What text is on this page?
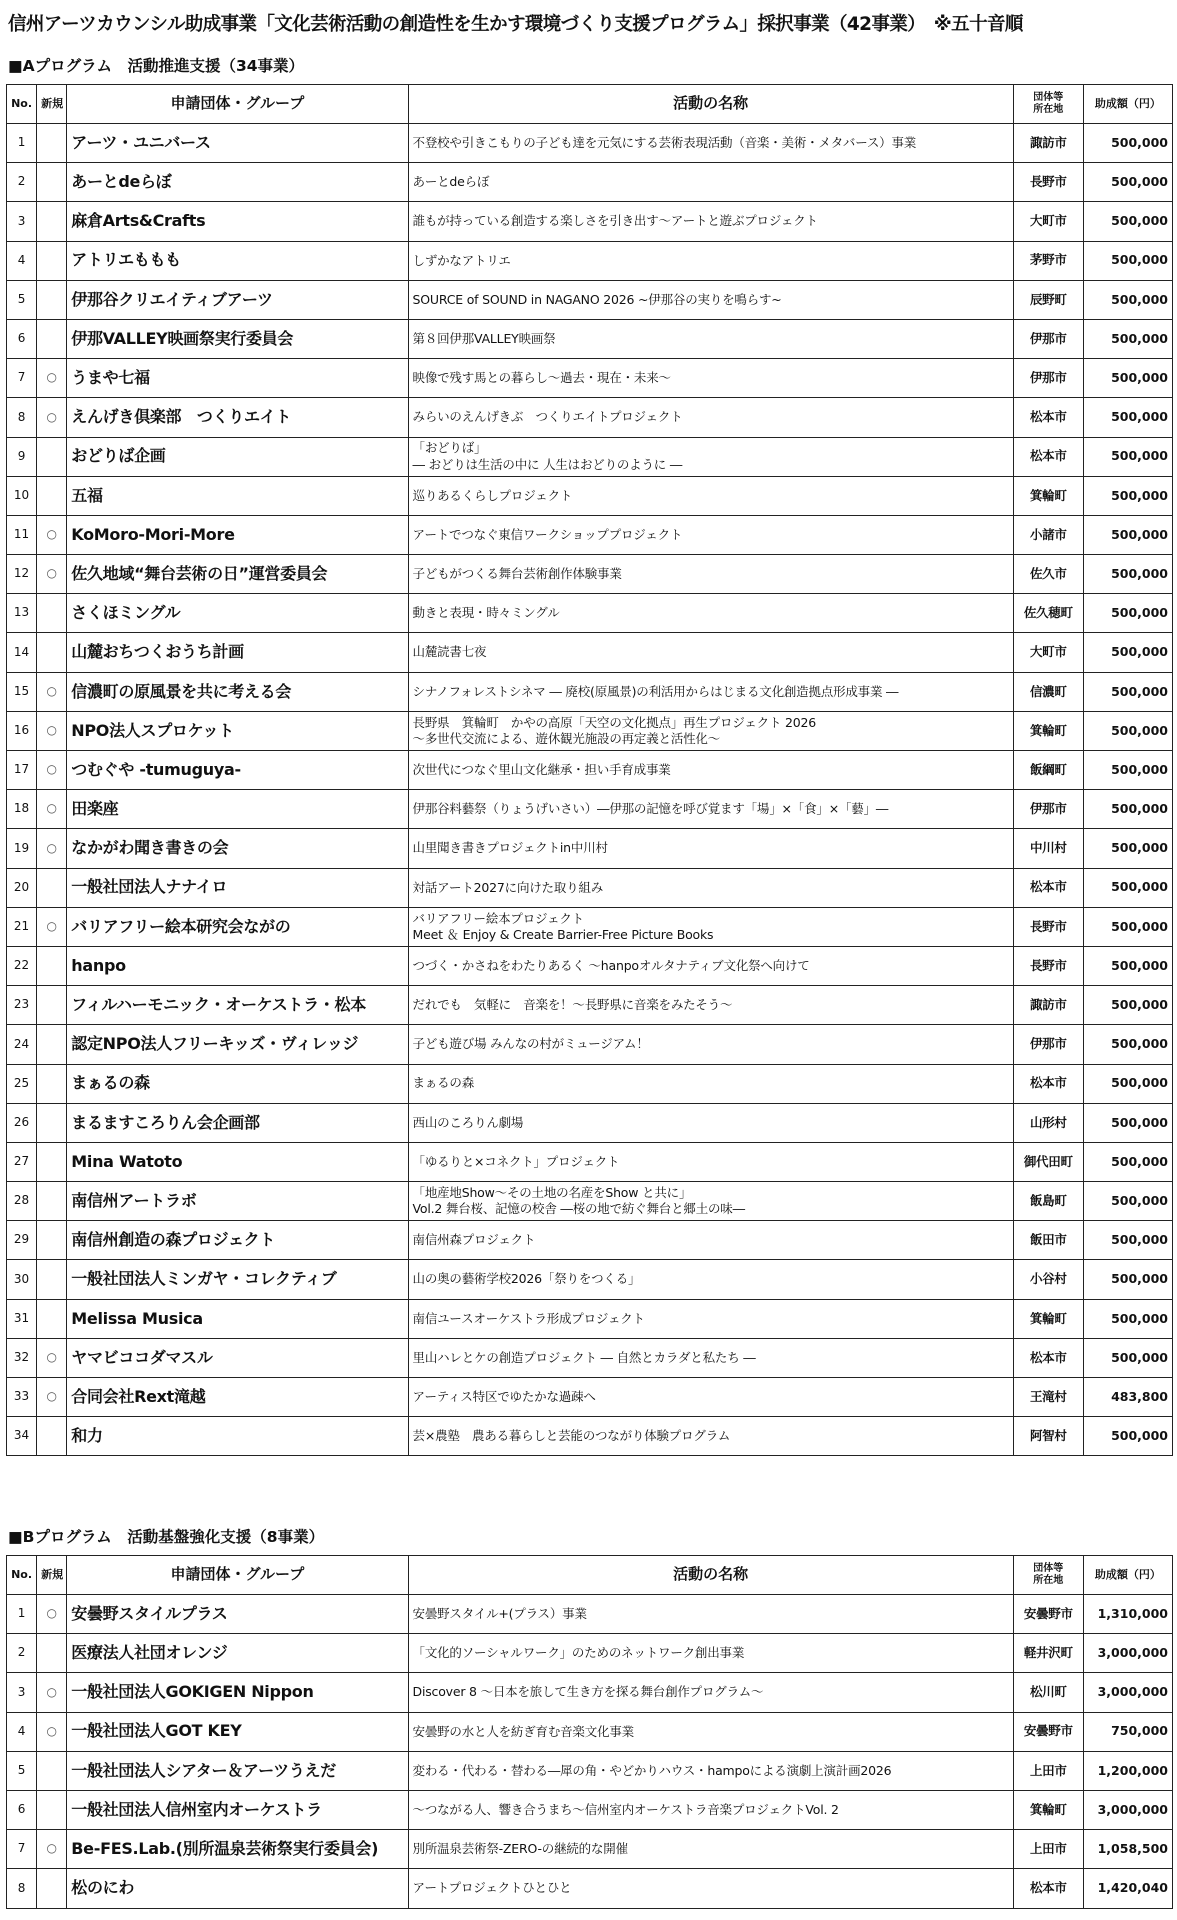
信州アーツカウンシル助成事業「文化芸術活動の創造性を生かす環境づくり支援プログラム」採択事業（42事業）　※五十音順
■Aプログラム　活動推進支援（34事業）
No.	新規	申請団体・グループ	活動の名称	団体等
所在地	助成額（円）
1		アーツ・ユニバース	不登校や引きこもりの子ども達を元気にする芸術表現活動（音楽・美術・メタバース）事業	諏訪市	500,000
2		あーとdeらぼ	あーとdeらぼ	長野市	500,000
3		麻倉Arts&Crafts	誰もが持っている創造する楽しさを引き出す〜アートと遊ぶプロジェクト	大町市	500,000
4		アトリエももも	しずかなアトリエ	茅野市	500,000
5		伊那谷クリエイティブアーツ	SOURCE of SOUND in NAGANO 2026 ~伊那谷の実りを鳴らす~	辰野町	500,000
6		伊那VALLEY映画祭実行委員会	第８回伊那VALLEY映画祭	伊那市	500,000
7	○	うまや七福	映像で残す馬との暮らし〜過去・現在・未来〜	伊那市	500,000
8	○	えんげき倶楽部　つくりエイト	みらいのえんげきぶ　つくりエイトプロジェクト	松本市	500,000
9		おどりば企画	「おどりば」
― おどりは生活の中に 人生はおどりのように ―	松本市	500,000
10		五福	巡りあるくらしプロジェクト	箕輪町	500,000
11	○	KoMoro-Mori-More	アートでつなぐ東信ワークショッププロジェクト	小諸市	500,000
12	○	佐久地域“舞台芸術の日”運営委員会	子どもがつくる舞台芸術創作体験事業	佐久市	500,000
13		さくほミングル	動きと表現・時々ミングル	佐久穂町	500,000
14		山麓おちつくおうち計画	山麓読書七夜	大町市	500,000
15	○	信濃町の原風景を共に考える会	シナノフォレストシネマ ― 廃校(原風景)の利活用からはじまる文化創造拠点形成事業 ―	信濃町	500,000
16	○	NPO法人スプロケット	長野県　箕輪町　かやの高原「天空の文化拠点」再生プロジェクト 2026
〜多世代交流による、遊休観光施設の再定義と活性化〜	箕輪町	500,000
17	○	つむぐや -tumuguya-	次世代につなぐ里山文化継承・担い手育成事業	飯綱町	500,000
18	○	田楽座	伊那谷料藝祭（りょうげいさい）―伊那の記憶を呼び覚ます「場」×「食」×「藝」―	伊那市	500,000
19	○	なかがわ聞き書きの会	山里聞き書きプロジェクトin中川村	中川村	500,000
20		一般社団法人ナナイロ	対話アート2027に向けた取り組み	松本市	500,000
21	○	バリアフリー絵本研究会ながの	バリアフリー絵本プロジェクト
Meet ＆ Enjoy & Create Barrier-Free Picture Books	長野市	500,000
22		hanpo	つづく・かさねをわたりあるく 〜hanpoオルタナティブ文化祭へ向けて	長野市	500,000
23		フィルハーモニック・オーケストラ・松本	だれでも　気軽に　音楽を！〜長野県に音楽をみたそう〜	諏訪市	500,000
24		認定NPO法人フリーキッズ・ヴィレッジ	子ども遊び場 みんなの村がミュージアム！	伊那市	500,000
25		まぁるの森	まぁるの森	松本市	500,000
26		まるますころりん会企画部	西山のころりん劇場	山形村	500,000
27		Mina Watoto	「ゆるりと×コネクト」プロジェクト	御代田町	500,000
28		南信州アートラボ	「地産地Show〜その土地の名産をShow と共に」
Vol.2 舞台桜、記憶の校舎 ―桜の地で紡ぐ舞台と郷土の味―	飯島町	500,000
29		南信州創造の森プロジェクト	南信州森プロジェクト	飯田市	500,000
30		一般社団法人ミンガヤ・コレクティブ	山の奥の藝術学校2026「祭りをつくる」	小谷村	500,000
31		Melissa Musica	南信ユースオーケストラ形成プロジェクト	箕輪町	500,000
32	○	ヤマビココダマスル	里山ハレとケの創造プロジェクト ― 自然とカラダと私たち ―	松本市	500,000
33	○	合同会社Rext滝越	アーティス特区でゆたかな過疎へ	王滝村	483,800
34		和力	芸×農塾　農ある暮らしと芸能のつながり体験プログラム	阿智村	500,000
■Bプログラム　活動基盤強化支援（8事業）
No.	新規	申請団体・グループ	活動の名称	団体等
所在地	助成額（円）
1	○	安曇野スタイルプラス	安曇野スタイル+(プラス）事業	安曇野市	1,310,000
2		医療法人社団オレンジ	「文化的ソーシャルワーク」のためのネットワーク創出事業	軽井沢町	3,000,000
3	○	一般社団法人GOKIGEN Nippon	Discover 8 〜日本を旅して生き方を探る舞台創作プログラム〜	松川町	3,000,000
4	○	一般社団法人GOT KEY	安曇野の水と人を紡ぎ育む音楽文化事業	安曇野市	750,000
5		一般社団法人シアター＆アーツうえだ	変わる・代わる・替わる―犀の角・やどかりハウス・hampoによる演劇上演計画2026	上田市	1,200,000
6		一般社団法人信州室内オーケストラ	〜つながる人、響き合うまち〜信州室内オーケストラ音楽プロジェクトVol. 2	箕輪町	3,000,000
7	○	Be-FES.Lab.(別所温泉芸術祭実行委員会)	別所温泉芸術祭-ZERO-の継続的な開催	上田市	1,058,500
8		松のにわ	アートプロジェクトひとひと	松本市	1,420,040
